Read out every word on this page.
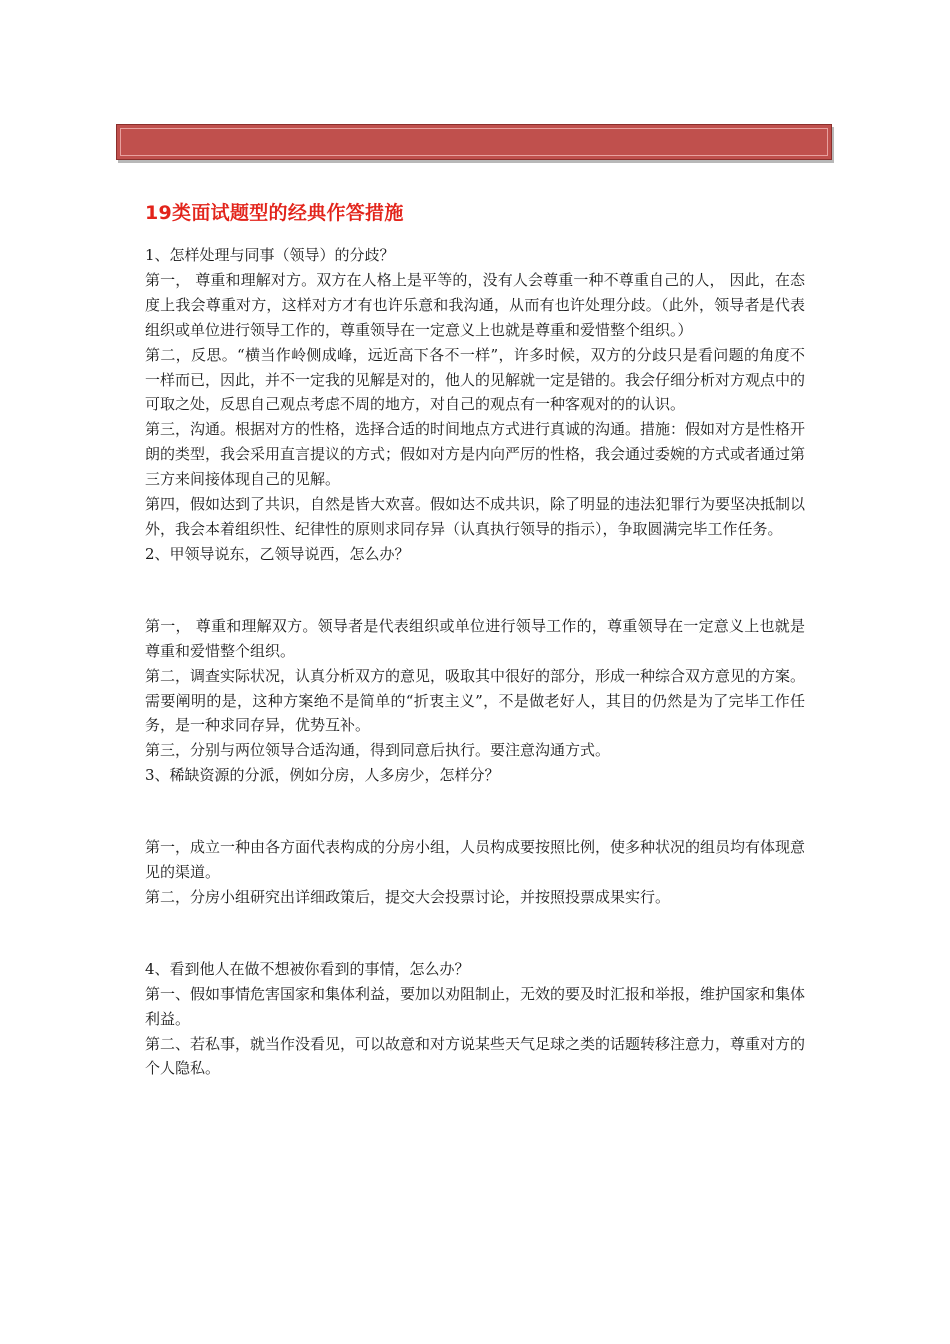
19类面试题型的经典作答措施

1、怎样处理与同事（领导）的分歧？

第一， 尊重和理解对方。双方在人格上是平等的，没有人会尊重一种不尊重自己的人， 因此，在态度上我会尊重对方，这样对方才有也许乐意和我沟通，从而有也许处理分歧。（此外，领导者是代表组织或单位进行领导工作的，尊重领导在一定意义上也就是尊重和爱惜整个组织。）

第二，反思。“横当作岭侧成峰，远近高下各不一样”，许多时候，双方的分歧只是看问题的角度不一样而已，因此，并不一定我的见解是对的，他人的见解就一定是错的。我会仔细分析对方观点中的可取之处，反思自己观点考虑不周的地方，对自己的观点有一种客观对的的认识。

第三，沟通。根据对方的性格，选择合适的时间地点方式进行真诚的沟通。措施：假如对方是性格开朗的类型，我会采用直言提议的方式；假如对方是内向严厉的性格，我会通过委婉的方式或者通过第三方来间接体现自己的见解。

第四，假如达到了共识，自然是皆大欢喜。假如达不成共识，除了明显的违法犯罪行为要坚决抵制以外，我会本着组织性、纪律性的原则求同存异（认真执行领导的指示），争取圆满完毕工作任务。

2、甲领导说东，乙领导说西，怎么办？

第一， 尊重和理解双方。领导者是代表组织或单位进行领导工作的，尊重领导在一定意义上也就是尊重和爱惜整个组织。

第二，调查实际状况，认真分析双方的意见，吸取其中很好的部分，形成一种综合双方意见的方案。需要阐明的是，这种方案绝不是简单的“折衷主义”，不是做老好人，其目的仍然是为了完毕工作任务，是一种求同存异，优势互补。

第三，分别与两位领导合适沟通，得到同意后执行。要注意沟通方式。

3、稀缺资源的分派，例如分房，人多房少，怎样分？

第一，成立一种由各方面代表构成的分房小组，人员构成要按照比例，使多种状况的组员均有体现意见的渠道。

第二，分房小组研究出详细政策后，提交大会投票讨论，并按照投票成果实行。

4、看到他人在做不想被你看到的事情，怎么办？

第一、假如事情危害国家和集体利益，要加以劝阻制止，无效的要及时汇报和举报，维护国家和集体利益。

第二、若私事，就当作没看见，可以故意和对方说某些天气足球之类的话题转移注意力，尊重对方的个人隐私。
